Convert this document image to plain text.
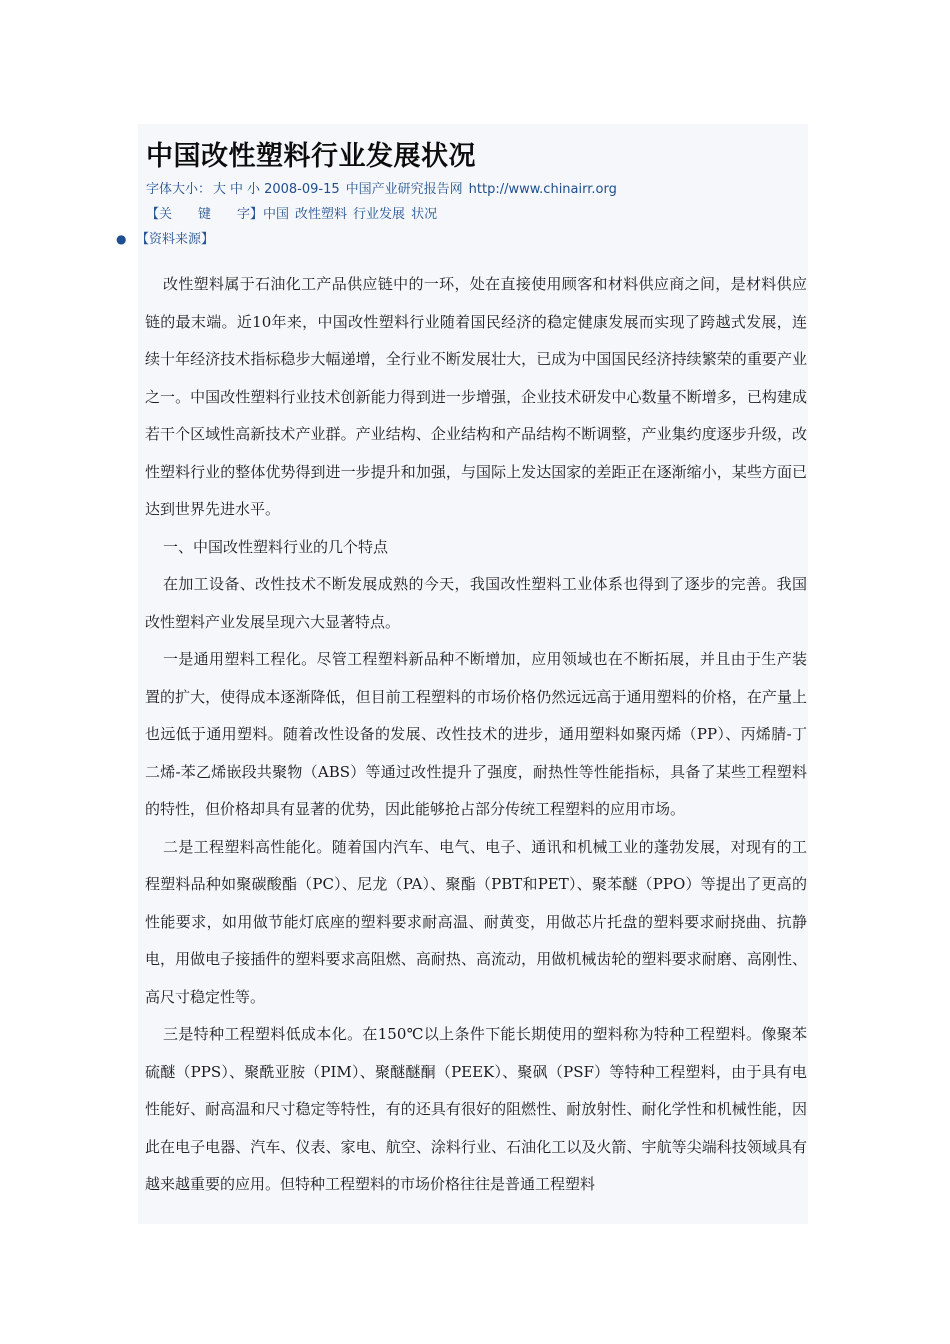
中国改性塑料行业发展状况
字体大小： 大 中 小 2008-09-15 中国产业研究报告网 http://www.chinairr.org
【关　　键　　字】中国 改性塑料 行业发展 状况
● 【资料来源】

改性塑料属于石油化工产品供应链中的一环，处在直接使用顾客和材料供应商之间，是材料供应链的最末端。近10年来，中国改性塑料行业随着国民经济的稳定健康发展而实现了跨越式发展，连续十年经济技术指标稳步大幅递增，全行业不断发展壮大，已成为中国国民经济持续繁荣的重要产业之一。中国改性塑料行业技术创新能力得到进一步增强，企业技术研发中心数量不断增多，已构建成若干个区域性高新技术产业群。产业结构、企业结构和产品结构不断调整，产业集约度逐步升级，改性塑料行业的整体优势得到进一步提升和加强，与国际上发达国家的差距正在逐渐缩小，某些方面已达到世界先进水平。

一、中国改性塑料行业的几个特点

在加工设备、改性技术不断发展成熟的今天，我国改性塑料工业体系也得到了逐步的完善。我国改性塑料产业发展呈现六大显著特点。

一是通用塑料工程化。尽管工程塑料新品种不断增加，应用领域也在不断拓展，并且由于生产装置的扩大，使得成本逐渐降低，但目前工程塑料的市场价格仍然远远高于通用塑料的价格，在产量上也远低于通用塑料。随着改性设备的发展、改性技术的进步，通用塑料如聚丙烯（PP）、丙烯腈-丁二烯-苯乙烯嵌段共聚物（ABS）等通过改性提升了强度，耐热性等性能指标，具备了某些工程塑料的特性，但价格却具有显著的优势，因此能够抢占部分传统工程塑料的应用市场。

二是工程塑料高性能化。随着国内汽车、电气、电子、通讯和机械工业的蓬勃发展，对现有的工程塑料品种如聚碳酸酯（PC）、尼龙（PA）、聚酯（PBT和PET）、聚苯醚（PPO）等提出了更高的性能要求，如用做节能灯底座的塑料要求耐高温、耐黄变，用做芯片托盘的塑料要求耐挠曲、抗静电，用做电子接插件的塑料要求高阻燃、高耐热、高流动，用做机械齿轮的塑料要求耐磨、高刚性、高尺寸稳定性等。

三是特种工程塑料低成本化。在150℃以上条件下能长期使用的塑料称为特种工程塑料。像聚苯硫醚（PPS）、聚酰亚胺（PIM）、聚醚醚酮（PEEK）、聚砜（PSF）等特种工程塑料，由于具有电性能好、耐高温和尺寸稳定等特性，有的还具有很好的阻燃性、耐放射性、耐化学性和机械性能，因此在电子电器、汽车、仪表、家电、航空、涂料行业、石油化工以及火箭、宇航等尖端科技领域具有越来越重要的应用。但特种工程塑料的市场价格往往是普通工程塑料
